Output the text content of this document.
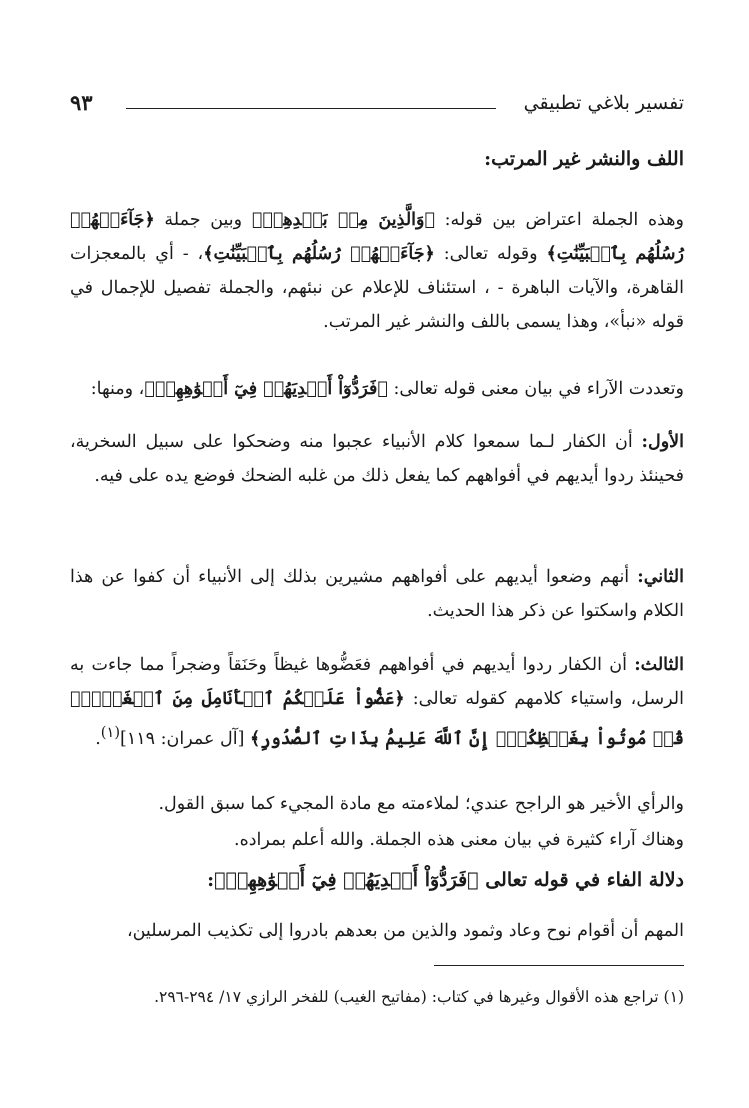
تفسير بلاغي تطبيقي
٩٣
اللف والنشر غير المرتب:
وهذه الجملة اعتراض بين قوله: ﴿وَالَّذِينَ مِنۢ بَعۡدِهِمۡ﴾ وبين جملة ﴿جَآءَتۡهُمۡ رُسُلُهُم بِٱلۡبَيِّنَٰتِ﴾ وقوله تعالى: ﴿جَآءَتۡهُمۡ رُسُلُهُم بِٱلۡبَيِّنَٰتِ﴾، - أي بالمعجزات القاهرة، والآيات الباهرة - ، استئناف للإعلام عن نبئهم، والجملة تفصيل للإجمال في قوله «نبأ»، وهذا يسمى باللف والنشر غير المرتب.
وتعددت الآراء في بيان معنى قوله تعالى: ﴿فَرَدُّوٓاْ أَيۡدِيَهُمۡ فِيٓ أَفۡوَٰهِهِمۡ﴾، ومنها:
الأول: أن الكفار لـما سمعوا كلام الأنبياء عجبوا منه وضحكوا على سبيل السخرية، فحينئذ ردوا أيديهم في أفواههم كما يفعل ذلك من غلبه الضحك فوضع يده على فيه.
الثاني: أنهم وضعوا أيديهم على أفواههم مشيرين بذلك إلى الأنبياء أن كفوا عن هذا الكلام واسكتوا عن ذكر هذا الحديث.
الثالث: أن الكفار ردوا أيديهم في أفواههم فعَضُّوها غيظاً وحَنَقاً وضجراً مما جاءت به الرسل، واستياء كلامهم كقوله تعالى: ﴿عَضُّواْ عَلَيۡكُمُ ٱلۡأَنَامِلَ مِنَ ٱلۡغَيۡظِۚ قُلۡ مُوتُواْ بِغَيۡظِكُمۡۗ إِنَّ ٱللَّهَ عَلِيمُۢ بِذَاتِ ٱلصُّدُورِ﴾ [آل عمران: ١١٩]$^{(١)}$.
والرأي الأخير هو الراجح عندي؛ لملاءمته مع مادة المجيء كما سبق القول.
وهناك آراء كثيرة في بيان معنى هذه الجملة. والله أعلم بمراده.
دلالة الفاء في قوله تعالى ﴿فَرَدُّوٓاْ أَيۡدِيَهُمۡ فِيٓ أَفۡوَٰهِهِمۡ﴾:
المهم أن أقوام نوح وعاد وثمود والذين من بعدهم بادروا إلى تكذيب المرسلين،
(١) تراجع هذه الأقوال وغيرها في كتاب: (مفاتيح الغيب) للفخر الرازي ١٧/ ٢٩٤-٢٩٦.
